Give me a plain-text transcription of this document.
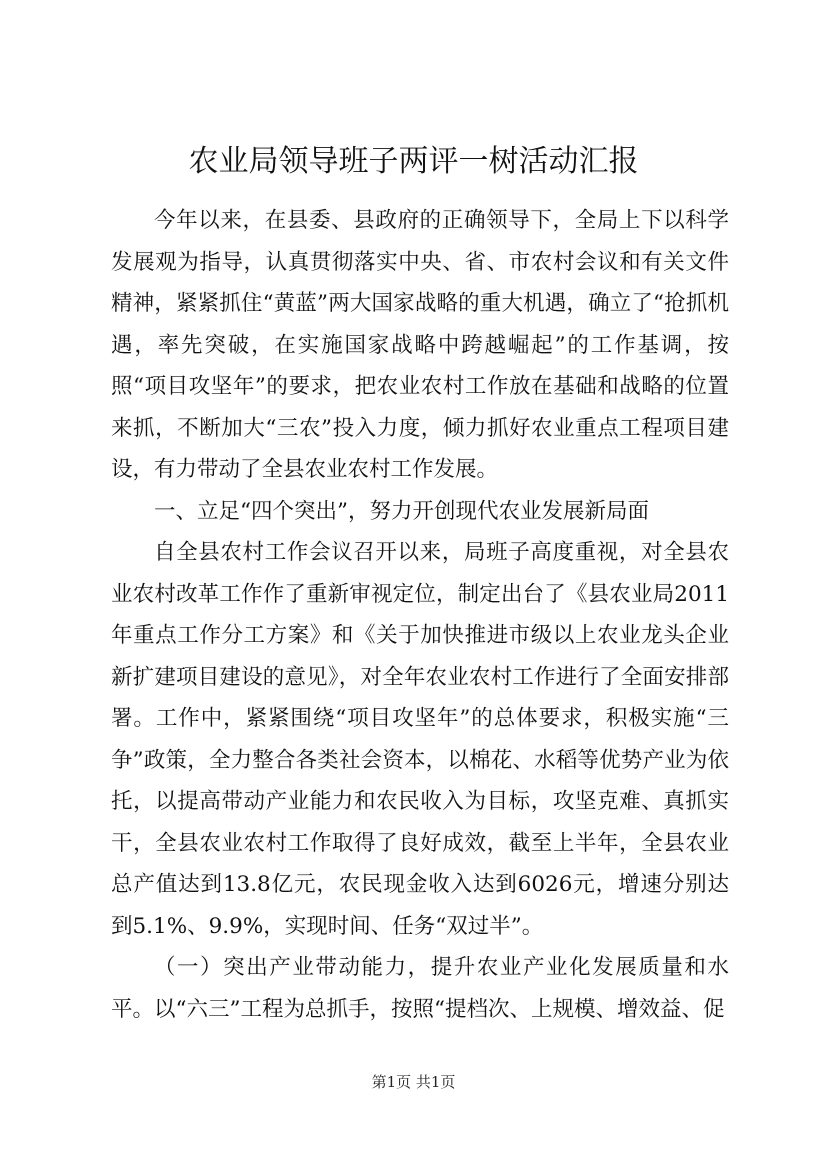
农业局领导班子两评一树活动汇报

今年以来，在县委、县政府的正确领导下，全局上下以科学发展观为指导，认真贯彻落实中央、省、市农村会议和有关文件精神，紧紧抓住“黄蓝”两大国家战略的重大机遇，确立了“抢抓机遇，率先突破，在实施国家战略中跨越崛起”的工作基调，按照“项目攻坚年”的要求，把农业农村工作放在基础和战略的位置来抓，不断加大“三农”投入力度，倾力抓好农业重点工程项目建设，有力带动了全县农业农村工作发展。

一、立足“四个突出”，努力开创现代农业发展新局面

自全县农村工作会议召开以来，局班子高度重视，对全县农业农村改革工作作了重新审视定位，制定出台了《县农业局2011年重点工作分工方案》和《关于加快推进市级以上农业龙头企业新扩建项目建设的意见》，对全年农业农村工作进行了全面安排部署。工作中，紧紧围绕“项目攻坚年”的总体要求，积极实施“三争”政策，全力整合各类社会资本，以棉花、水稻等优势产业为依托，以提高带动产业能力和农民收入为目标，攻坚克难、真抓实干，全县农业农村工作取得了良好成效，截至上半年，全县农业总产值达到13.8亿元，农民现金收入达到6026元，增速分别达到5.1%、9.9%，实现时间、任务“双过半”。

（一）突出产业带动能力，提升农业产业化发展质量和水平。以“六三”工程为总抓手，按照“提档次、上规模、增效益、促

第1页 共1页
